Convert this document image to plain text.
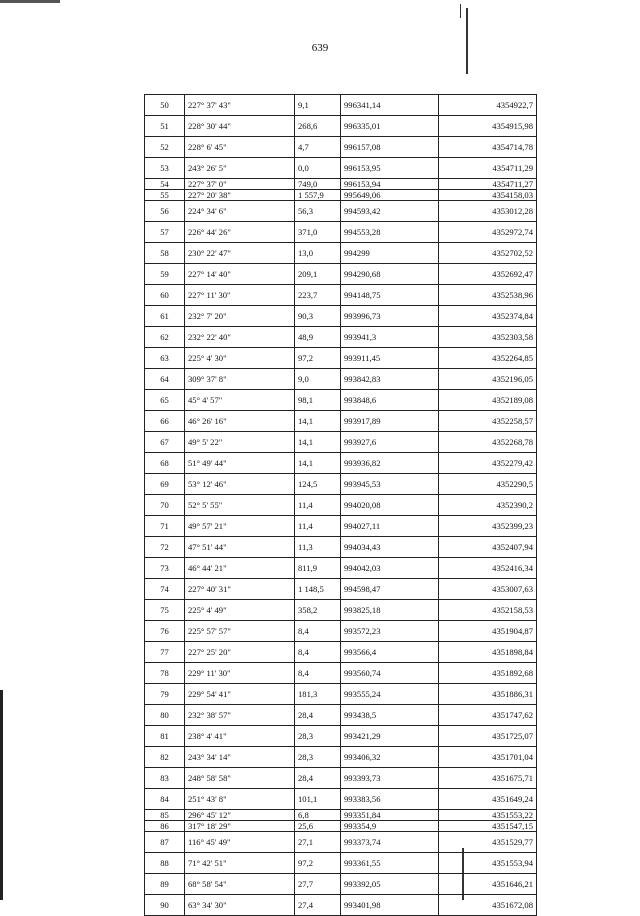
639
50	227° 37' 43"	9,1	996341,14	4354922,7
51	228° 30' 44"	268,6	996335,01	4354915,98
52	228° 6' 45"	4,7	996157,08	4354714,78
53	243° 26' 5"	0,0	996153,95	4354711,29
54	227° 37' 0"	749,0	996153,94	4354711,27
55	227° 20' 38"	1 557,9	995649,06	4354158,03
56	224° 34' 6"	56,3	994593,42	4353012,28
57	226° 44' 26"	371,0	994553,28	4352972,74
58	230° 22' 47"	13,0	994299	4352702,52
59	227° 14' 40"	209,1	994290,68	4352692,47
60	227° 11' 30"	223,7	994148,75	4352538,96
61	232° 7' 20"	90,3	993996,73	4352374,84
62	232° 22' 40"	48,9	993941,3	4352303,58
63	225° 4' 30"	97,2	993911,45	4352264,85
64	309° 37' 8"	9,0	993842,83	4352196,05
65	45° 4' 57"	98,1	993848,6	4352189,08
66	46° 26' 16"	14,1	993917,89	4352258,57
67	49° 5' 22"	14,1	993927,6	4352268,78
68	51° 49' 44"	14,1	993936,82	4352279,42
69	53° 12' 46"	124,5	993945,53	4352290,5
70	52° 5' 55"	11,4	994020,08	4352390,2
71	49° 57' 21"	11,4	994027,11	4352399,23
72	47° 51' 44"	11,3	994034,43	4352407,94
73	46° 44' 21"	811,9	994042,03	4352416,34
74	227° 40' 31"	1 148,5	994598,47	4353007,63
75	225° 4' 49"	358,2	993825,18	4352158,53
76	225° 57' 57"	8,4	993572,23	4351904,87
77	227° 25' 20"	8,4	993566,4	4351898,84
78	229° 11' 30"	8,4	993560,74	4351892,68
79	229° 54' 41"	181,3	993555,24	4351886,31
80	232° 38' 57"	28,4	993438,5	4351747,62
81	238° 4' 41"	28,3	993421,29	4351725,07
82	243° 34' 14"	28,3	993406,32	4351701,04
83	248° 58' 58"	28,4	993393,73	4351675,71
84	251° 43' 8"	101,1	993383,56	4351649,24
85	296° 45' 12"	6,8	993351,84	4351553,22
86	317° 18' 29"	25,6	993354,9	4351547,15
87	116° 45' 49"	27,1	993373,74	4351529,77
88	71° 42' 51"	97,2	993361,55	4351553,94
89	68° 58' 54"	27,7	993392,05	4351646,21
90	63° 34' 30"	27,4	993401,98	4351672,08
